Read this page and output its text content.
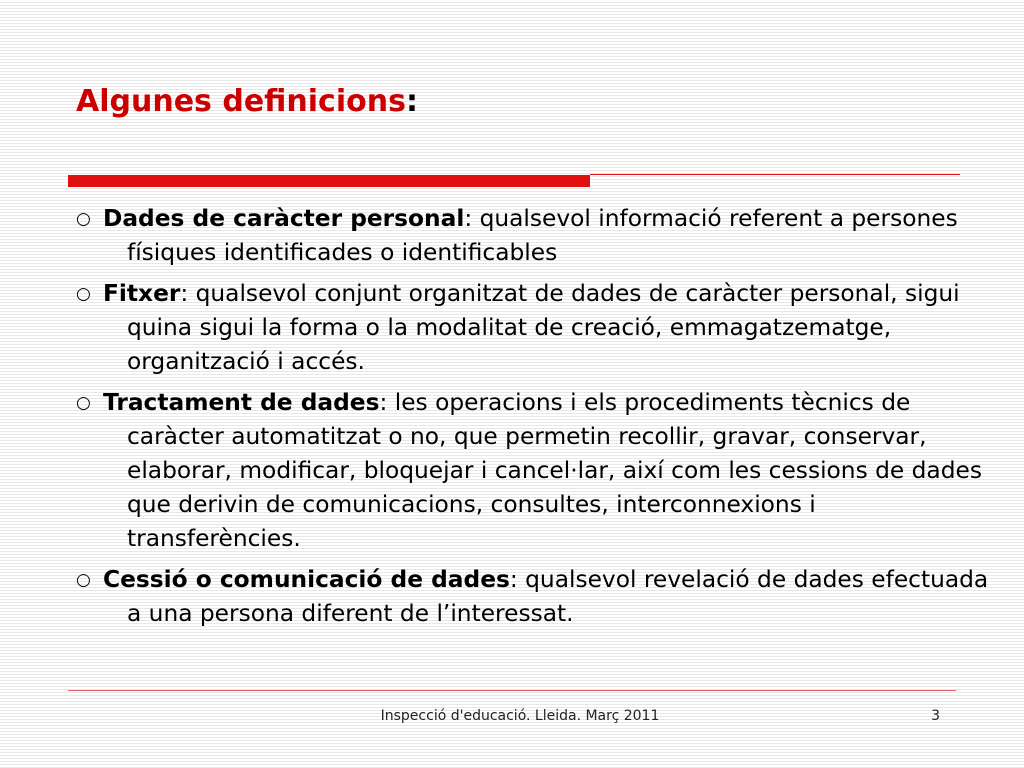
Algunes definicions:
○ Dades de caràcter personal: qualsevol informació referent a persones físiques identificades o identificables
○ Fitxer: qualsevol conjunt organitzat de dades de caràcter personal, sigui quina sigui la forma o la modalitat de creació, emmagatzematge, organització i accés.
○ Tractament de dades: les operacions i els procediments tècnics de caràcter automatitzat o no, que permetin recollir, gravar, conservar, elaborar, modificar, bloquejar i cancel·lar, així com les cessions de dades que derivin de comunicacions, consultes, interconnexions i transferències.
○ Cessió o comunicació de dades: qualsevol revelació de dades efectuada a una persona diferent de l’interessat.
Inspecció d'educació. Lleida. Març 2011	3
